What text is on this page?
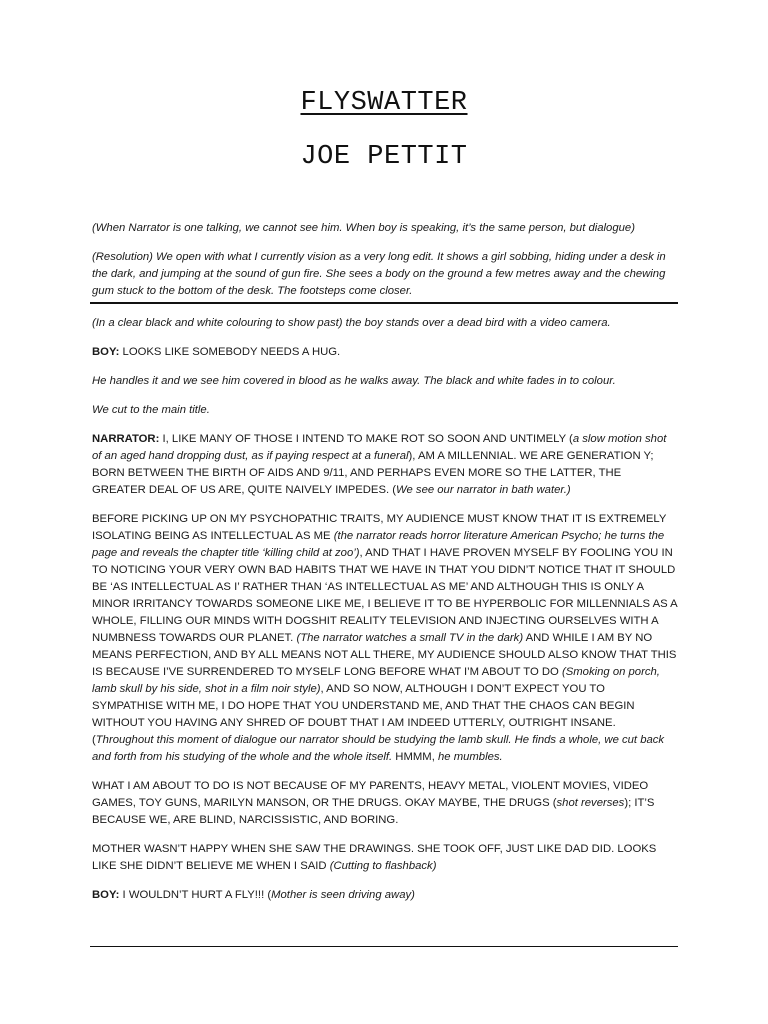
FLYSWATTER
JOE PETTIT

(When Narrator is one talking, we cannot see him. When boy is speaking, it’s the same person, but dialogue)

(Resolution) We open with what I currently vision as a very long edit. It shows a girl sobbing, hiding under a desk in the dark, and jumping at the sound of gun fire. She sees a body on the ground a few metres away and the chewing gum stuck to the bottom of the desk. The footsteps come closer.

(In a clear black and white colouring to show past) the boy stands over a dead bird with a video camera.

BOY: LOOKS LIKE SOMEBODY NEEDS A HUG.

He handles it and we see him covered in blood as he walks away. The black and white fades in to colour.

We cut to the main title.

NARRATOR: I, LIKE MANY OF THOSE I INTEND TO MAKE ROT SO SOON AND UNTIMELY (a slow motion shot of an aged hand dropping dust, as if paying respect at a funeral), AM A MILLENNIAL. WE ARE GENERATION Y; BORN BETWEEN THE BIRTH OF AIDS AND 9/11, AND PERHAPS EVEN MORE SO THE LATTER, THE GREATER DEAL OF US ARE, QUITE NAIVELY IMPEDES. (We see our narrator in bath water.)

BEFORE PICKING UP ON MY PSYCHOPATHIC TRAITS, MY AUDIENCE MUST KNOW THAT IT IS EXTREMELY ISOLATING BEING AS INTELLECTUAL AS ME (the narrator reads horror literature American Psycho; he turns the page and reveals the chapter title ‘killing child at zoo’), AND THAT I HAVE PROVEN MYSELF BY FOOLING YOU IN TO NOTICING YOUR VERY OWN BAD HABITS THAT WE HAVE IN THAT YOU DIDN’T NOTICE THAT IT SHOULD BE ‘AS INTELLECTUAL AS I’ RATHER THAN ‘AS INTELLECTUAL AS ME’ AND ALTHOUGH THIS IS ONLY A MINOR IRRITANCY TOWARDS SOMEONE LIKE ME, I BELIEVE IT TO BE HYPERBOLIC FOR MILLENNIALS AS A WHOLE, FILLING OUR MINDS WITH DOGSHIT REALITY TELEVISION AND INJECTING OURSELVES WITH A NUMBNESS TOWARDS OUR PLANET. (The narrator watches a small TV in the dark) AND WHILE I AM BY NO MEANS PERFECTION, AND BY ALL MEANS NOT ALL THERE, MY AUDIENCE SHOULD ALSO KNOW THAT THIS IS BECAUSE I’VE SURRENDERED TO MYSELF LONG BEFORE WHAT I’M ABOUT TO DO (Smoking on porch, lamb skull by his side, shot in a film noir style), AND SO NOW, ALTHOUGH I DON’T EXPECT YOU TO SYMPATHISE WITH ME, I DO HOPE THAT YOU UNDERSTAND ME, AND THAT THE CHAOS CAN BEGIN WITHOUT YOU HAVING ANY SHRED OF DOUBT THAT I AM INDEED UTTERLY, OUTRIGHT INSANE. (Throughout this moment of dialogue our narrator should be studying the lamb skull. He finds a whole, we cut back and forth from his studying of the whole and the whole itself. HMMM, he mumbles.

WHAT I AM ABOUT TO DO IS NOT BECAUSE OF MY PARENTS, HEAVY METAL, VIOLENT MOVIES, VIDEO GAMES, TOY GUNS, MARILYN MANSON, OR THE DRUGS. OKAY MAYBE, THE DRUGS (shot reverses); IT’S BECAUSE WE, ARE BLIND, NARCISSISTIC, AND BORING.

MOTHER WASN’T HAPPY WHEN SHE SAW THE DRAWINGS. SHE TOOK OFF, JUST LIKE DAD DID. LOOKS LIKE SHE DIDN’T BELIEVE ME WHEN I SAID (Cutting to flashback)

BOY: I WOULDN’T HURT A FLY!!! (Mother is seen driving away)
